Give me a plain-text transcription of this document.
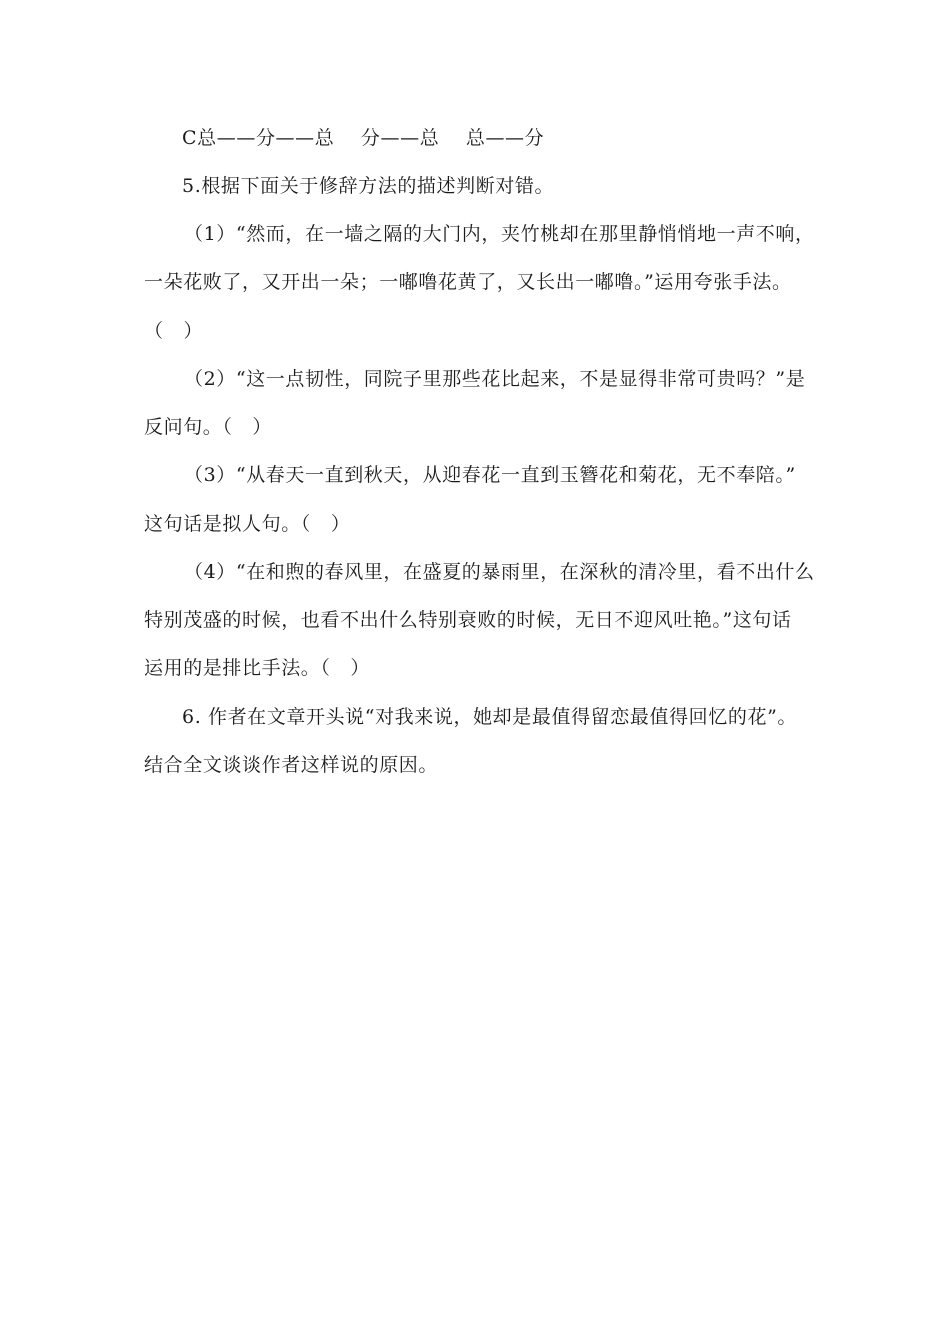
C总——分——总    分——总    总——分
5.根据下面关于修辞方法的描述判断对错。
（1）“然而，在一墙之隔的大门内，夹竹桃却在那里静悄悄地一声不响，
一朵花败了，又开出一朵；一嘟噜花黄了，又长出一嘟噜。”运用夸张手法。
（   ）
（2）“这一点韧性，同院子里那些花比起来，不是显得非常可贵吗？”是
反问句。（   ）
（3）“从春天一直到秋天，从迎春花一直到玉簪花和菊花，无不奉陪。”
这句话是拟人句。（   ）
（4）“在和煦的春风里，在盛夏的暴雨里，在深秋的清冷里，看不出什么
特别茂盛的时候，也看不出什么特别衰败的时候，无日不迎风吐艳。”这句话
运用的是排比手法。（   ）
6. 作者在文章开头说“对我来说，她却是最值得留恋最值得回忆的花”。
结合全文谈谈作者这样说的原因。
